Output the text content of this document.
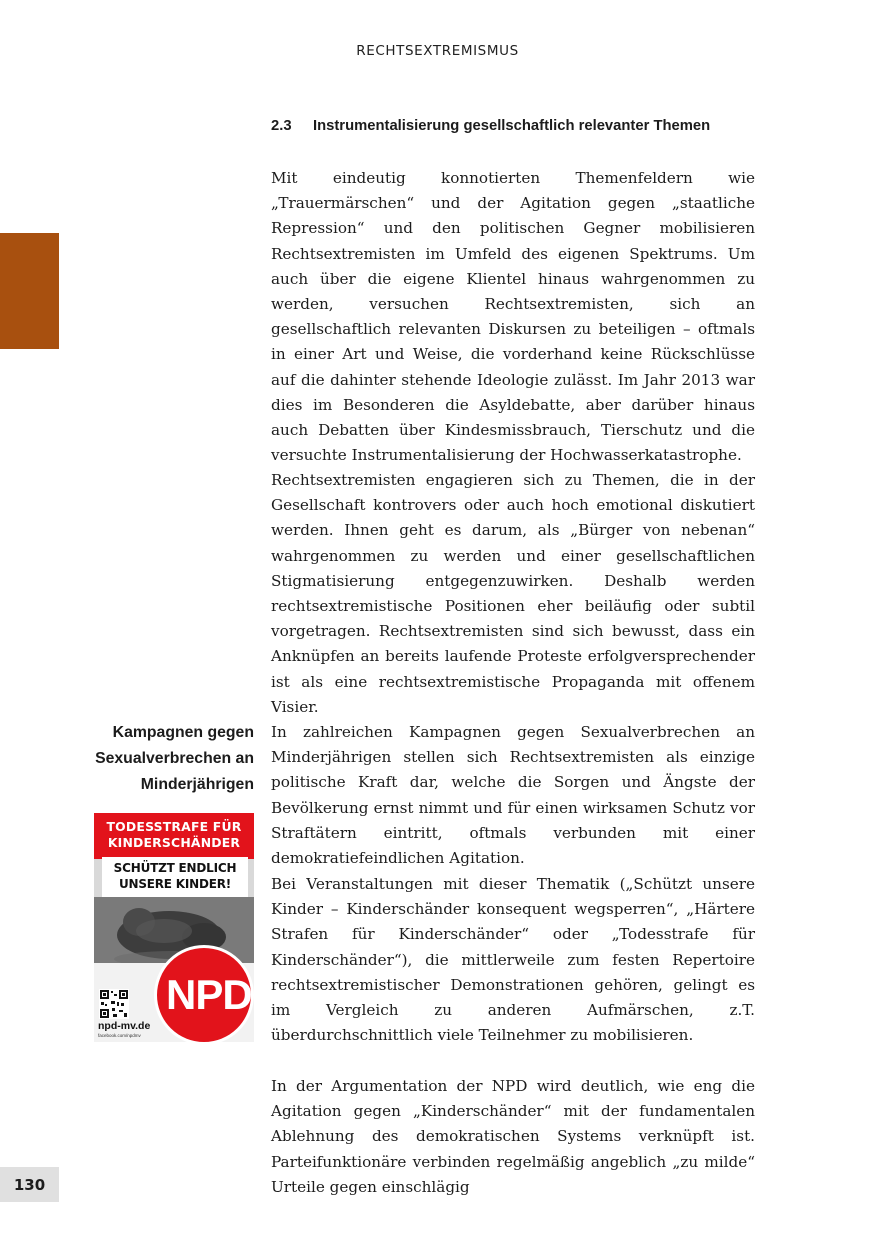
RECHTSEXTREMISMUS
2.3 Instrumentalisierung gesellschaftlich relevanter Themen

Mit eindeutig konnotierten Themenfeldern wie „Trauermärschen“ und der Agitation gegen „staatliche Repression“ und den politischen Gegner mobilisieren Rechtsextremisten im Umfeld des eigenen Spektrums. Um auch über die eigene Klientel hinaus wahrgenommen zu werden, versuchen Rechtsextremisten, sich an gesellschaftlich relevanten Diskursen zu beteiligen – oftmals in einer Art und Weise, die vorderhand keine Rückschlüsse auf die dahinter stehende Ideologie zulässt. Im Jahr 2013 war dies im Besonderen die Asyldebatte, aber darüber hinaus auch Debatten über Kindesmissbrauch, Tierschutz und die versuchte Instrumentalisierung der Hochwasserkatastrophe.

Rechtsextremisten engagieren sich zu Themen, die in der Gesellschaft kontrovers oder auch hoch emotional diskutiert werden. Ihnen geht es darum, als „Bürger von nebenan“ wahrgenommen zu werden und einer gesellschaftlichen Stigmatisierung entgegenzuwirken. Deshalb werden rechtsextremistische Positionen eher beiläufig oder subtil vorgetragen. Rechtsextremisten sind sich bewusst, dass ein Anknüpfen an bereits laufende Proteste erfolgversprechender ist als eine rechtsextremistische Propaganda mit offenem Visier.

In zahlreichen Kampagnen gegen Sexualverbrechen an Minderjährigen stellen sich Rechtsextremisten als einzige politische Kraft dar, welche die Sorgen und Ängste der Bevölkerung ernst nimmt und für einen wirksamen Schutz vor Straftätern eintritt, oftmals verbunden mit einer demokratiefeindlichen Agitation.

Bei Veranstaltungen mit dieser Thematik („Schützt unsere Kinder – Kinderschänder konsequent wegsperren“, „Härtere Strafen für Kinderschänder“ oder „Todesstrafe für Kinderschänder“), die mittlerweile zum festen Repertoire rechtsextremistischer Demonstrationen gehören, gelingt es im Vergleich zu anderen Aufmärschen, z.T. überdurchschnittlich viele Teilnehmer zu mobilisieren.

In der Argumentation der NPD wird deutlich, wie eng die Agitation gegen „Kinderschänder“ mit der fundamentalen Ablehnung des demokratischen Systems verknüpft ist. Parteifunktionäre verbinden regelmäßig angeblich „zu milde“ Urteile gegen einschlägig

Kampagnen gegen
Sexualverbrechen an
Minderjährigen
NPD
npd-mv.de
facebook.com/npdmv
TODESSTRAFE FÜR
KINDERSCHÄNDER
SCHÜTZT ENDLICH
UNSERE KINDER!
130
